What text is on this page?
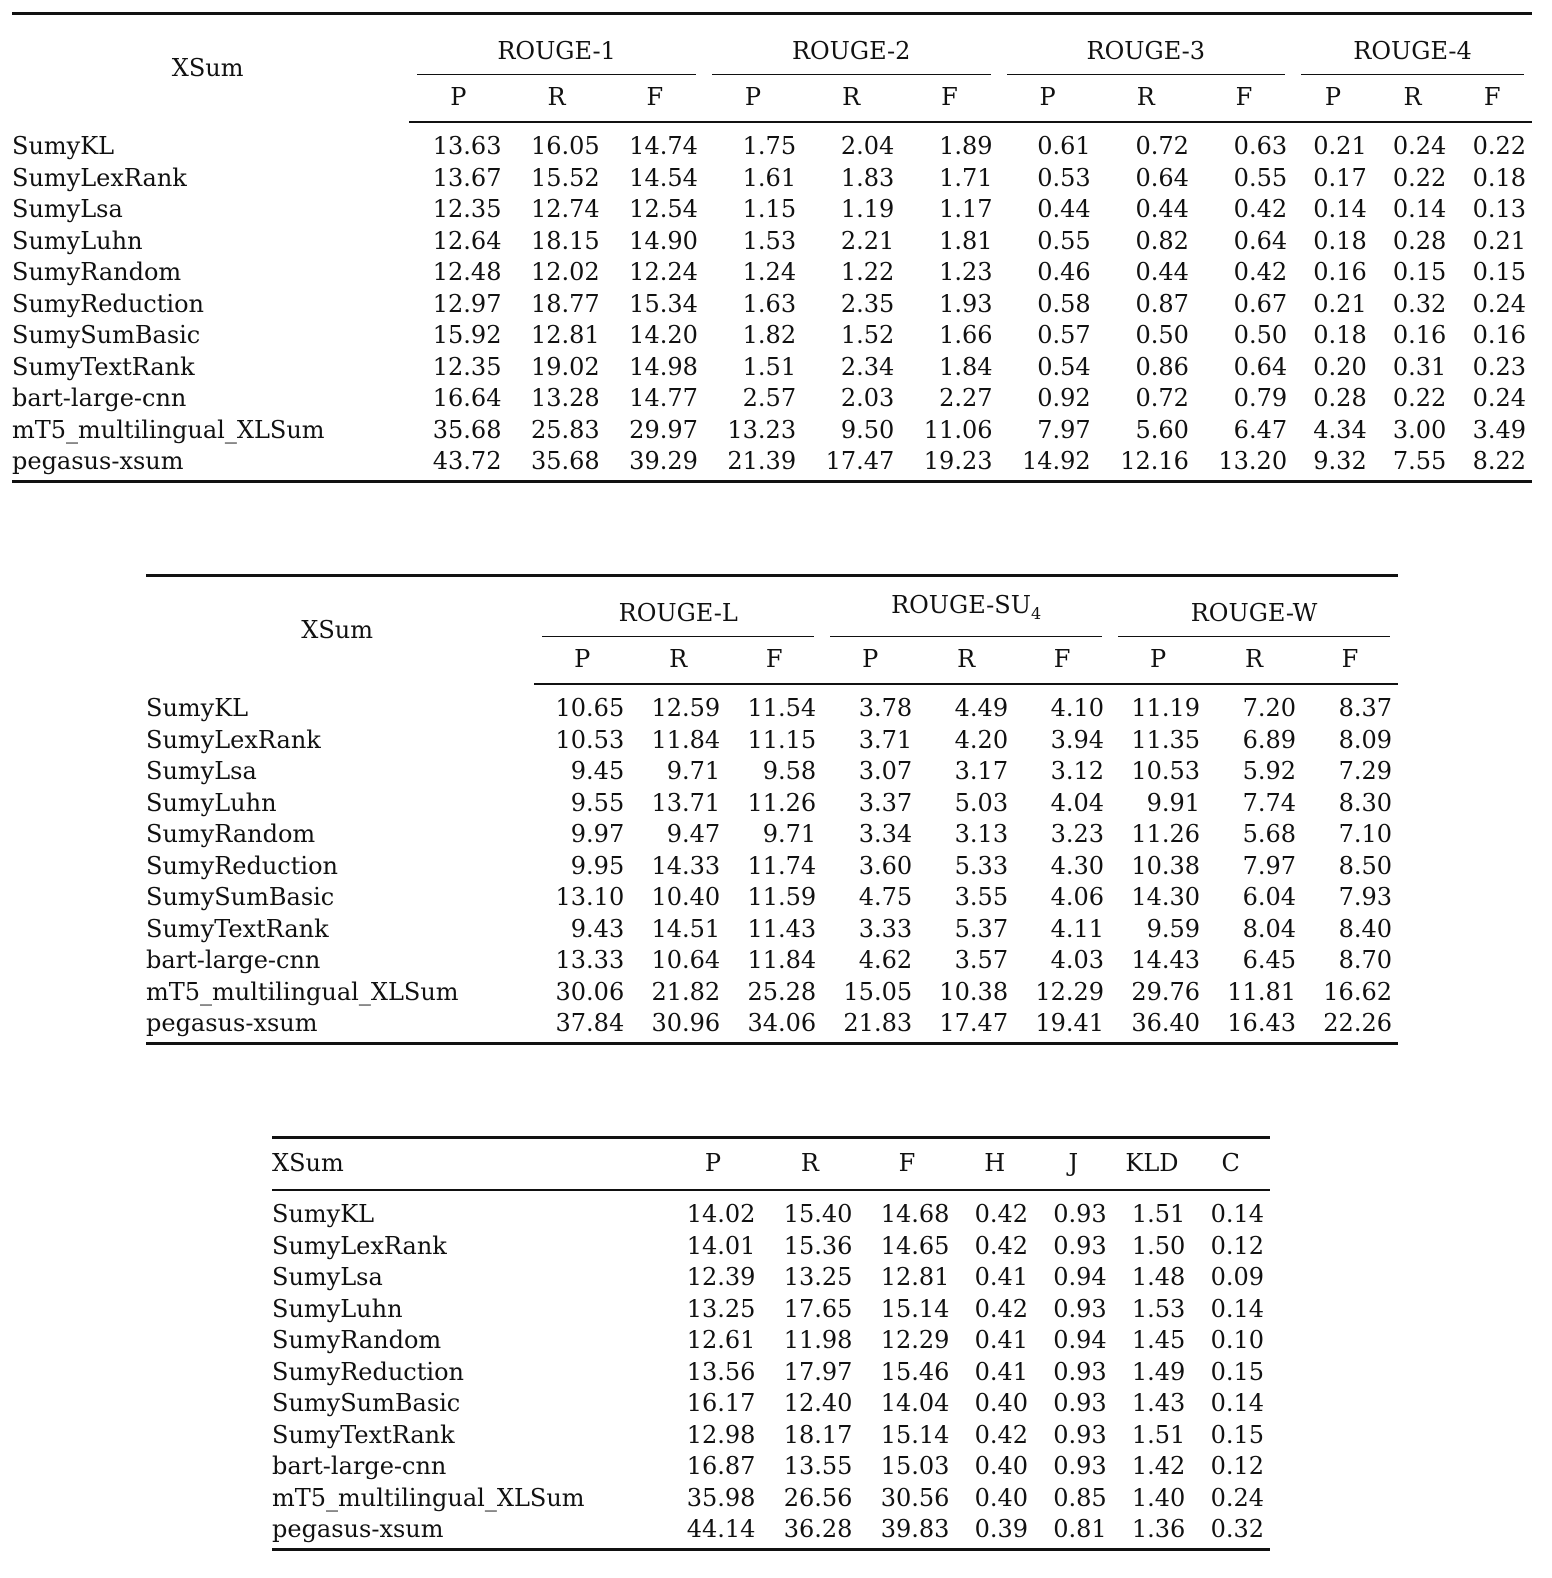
XSum	ROUGE-1			ROUGE-2			ROUGE-3			ROUGE-4		

	P	R	F	P	R	F	P	R	F	P	R	F
SumyKL	13.63	16.05	14.74	1.75	2.04	1.89	0.61	0.72	0.63	0.21	0.24	0.22
SumyLexRank	13.67	15.52	14.54	1.61	1.83	1.71	0.53	0.64	0.55	0.17	0.22	0.18
SumyLsa	12.35	12.74	12.54	1.15	1.19	1.17	0.44	0.44	0.42	0.14	0.14	0.13
SumyLuhn	12.64	18.15	14.90	1.53	2.21	1.81	0.55	0.82	0.64	0.18	0.28	0.21
SumyRandom	12.48	12.02	12.24	1.24	1.22	1.23	0.46	0.44	0.42	0.16	0.15	0.15
SumyReduction	12.97	18.77	15.34	1.63	2.35	1.93	0.58	0.87	0.67	0.21	0.32	0.24
SumySumBasic	15.92	12.81	14.20	1.82	1.52	1.66	0.57	0.50	0.50	0.18	0.16	0.16
SumyTextRank	12.35	19.02	14.98	1.51	2.34	1.84	0.54	0.86	0.64	0.20	0.31	0.23
bart-large-cnn	16.64	13.28	14.77	2.57	2.03	2.27	0.92	0.72	0.79	0.28	0.22	0.24
mT5_multilingual_XLSum	35.68	25.83	29.97	13.23	9.50	11.06	7.97	5.60	6.47	4.34	3.00	3.49
pegasus-xsum	43.72	35.68	39.29	21.39	17.47	19.23	14.92	12.16	13.20	9.32	7.55	8.22
XSum	ROUGE-L			ROUGE-$SU_4$			ROUGE-W		

	P	R	F	P	R	F	P	R	F
SumyKL	10.65	12.59	11.54	3.78	4.49	4.10	11.19	7.20	8.37
SumyLexRank	10.53	11.84	11.15	3.71	4.20	3.94	11.35	6.89	8.09
SumyLsa	9.45	9.71	9.58	3.07	3.17	3.12	10.53	5.92	7.29
SumyLuhn	9.55	13.71	11.26	3.37	5.03	4.04	9.91	7.74	8.30
SumyRandom	9.97	9.47	9.71	3.34	3.13	3.23	11.26	5.68	7.10
SumyReduction	9.95	14.33	11.74	3.60	5.33	4.30	10.38	7.97	8.50
SumySumBasic	13.10	10.40	11.59	4.75	3.55	4.06	14.30	6.04	7.93
SumyTextRank	9.43	14.51	11.43	3.33	5.37	4.11	9.59	8.04	8.40
bart-large-cnn	13.33	10.64	11.84	4.62	3.57	4.03	14.43	6.45	8.70
mT5_multilingual_XLSum	30.06	21.82	25.28	15.05	10.38	12.29	29.76	11.81	16.62
pegasus-xsum	37.84	30.96	34.06	21.83	17.47	19.41	36.40	16.43	22.26
XSum	P	R	F	H	J	KLD	C
SumyKL	14.02	15.40	14.68	0.42	0.93	1.51	0.14
SumyLexRank	14.01	15.36	14.65	0.42	0.93	1.50	0.12
SumyLsa	12.39	13.25	12.81	0.41	0.94	1.48	0.09
SumyLuhn	13.25	17.65	15.14	0.42	0.93	1.53	0.14
SumyRandom	12.61	11.98	12.29	0.41	0.94	1.45	0.10
SumyReduction	13.56	17.97	15.46	0.41	0.93	1.49	0.15
SumySumBasic	16.17	12.40	14.04	0.40	0.93	1.43	0.14
SumyTextRank	12.98	18.17	15.14	0.42	0.93	1.51	0.15
bart-large-cnn	16.87	13.55	15.03	0.40	0.93	1.42	0.12
mT5_multilingual_XLSum	35.98	26.56	30.56	0.40	0.85	1.40	0.24
pegasus-xsum	44.14	36.28	39.83	0.39	0.81	1.36	0.32
